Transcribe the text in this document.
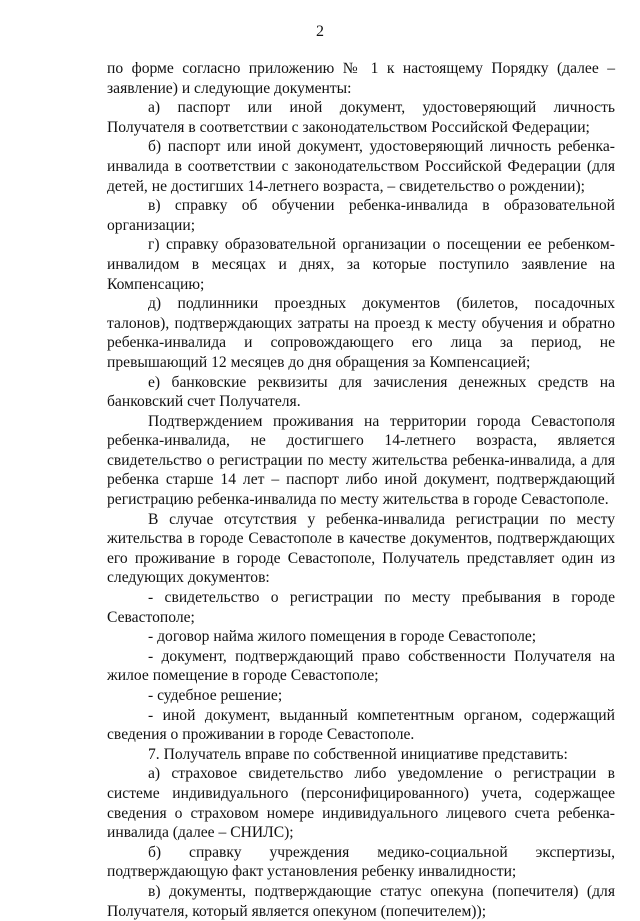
2

по форме согласно приложению № 1 к настоящему Порядку (далее – заявление) и следующие документы:

а) паспорт или иной документ, удостоверяющий личность Получателя в соответствии с законодательством Российской Федерации;

б) паспорт или иной документ, удостоверяющий личность ребенка-инвалида в соответствии с законодательством Российской Федерации (для детей, не достигших 14-летнего возраста, – свидетельство о рождении);

в) справку об обучении ребенка-инвалида в образовательной организации;

г) справку образовательной организации о посещении ее ребенком-инвалидом в месяцах и днях, за которые поступило заявление на Компенсацию;

д) подлинники проездных документов (билетов, посадочных талонов), подтверждающих затраты на проезд к месту обучения и обратно ребенка-инвалида и сопровождающего его лица за период, не превышающий 12 месяцев до дня обращения за Компенсацией;

е) банковские реквизиты для зачисления денежных средств на банковский счет Получателя.

Подтверждением проживания на территории города Севастополя ребенка-инвалида, не достигшего 14-летнего возраста, является свидетельство о регистрации по месту жительства ребенка-инвалида, а для ребенка старше 14 лет – паспорт либо иной документ, подтверждающий регистрацию ребенка-инвалида по месту жительства в городе Севастополе.

В случае отсутствия у ребенка-инвалида регистрации по месту жительства в городе Севастополе в качестве документов, подтверждающих его проживание в городе Севастополе, Получатель представляет один из следующих документов:

- свидетельство о регистрации по месту пребывания в городе Севастополе;

- договор найма жилого помещения в городе Севастополе;

- документ, подтверждающий право собственности Получателя на жилое помещение в городе Севастополе;

- судебное решение;

- иной документ, выданный компетентным органом, содержащий сведения о проживании в городе Севастополе.

7. Получатель вправе по собственной инициативе представить:

а) страховое свидетельство либо уведомление о регистрации в системе индивидуального (персонифицированного) учета, содержащее сведения о страховом номере индивидуального лицевого счета ребенка-инвалида (далее – СНИЛС);

б) справку учреждения медико-социальной экспертизы, подтверждающую факт установления ребенку инвалидности;

в) документы, подтверждающие статус опекуна (попечителя) (для Получателя, который является опекуном (попечителем));
